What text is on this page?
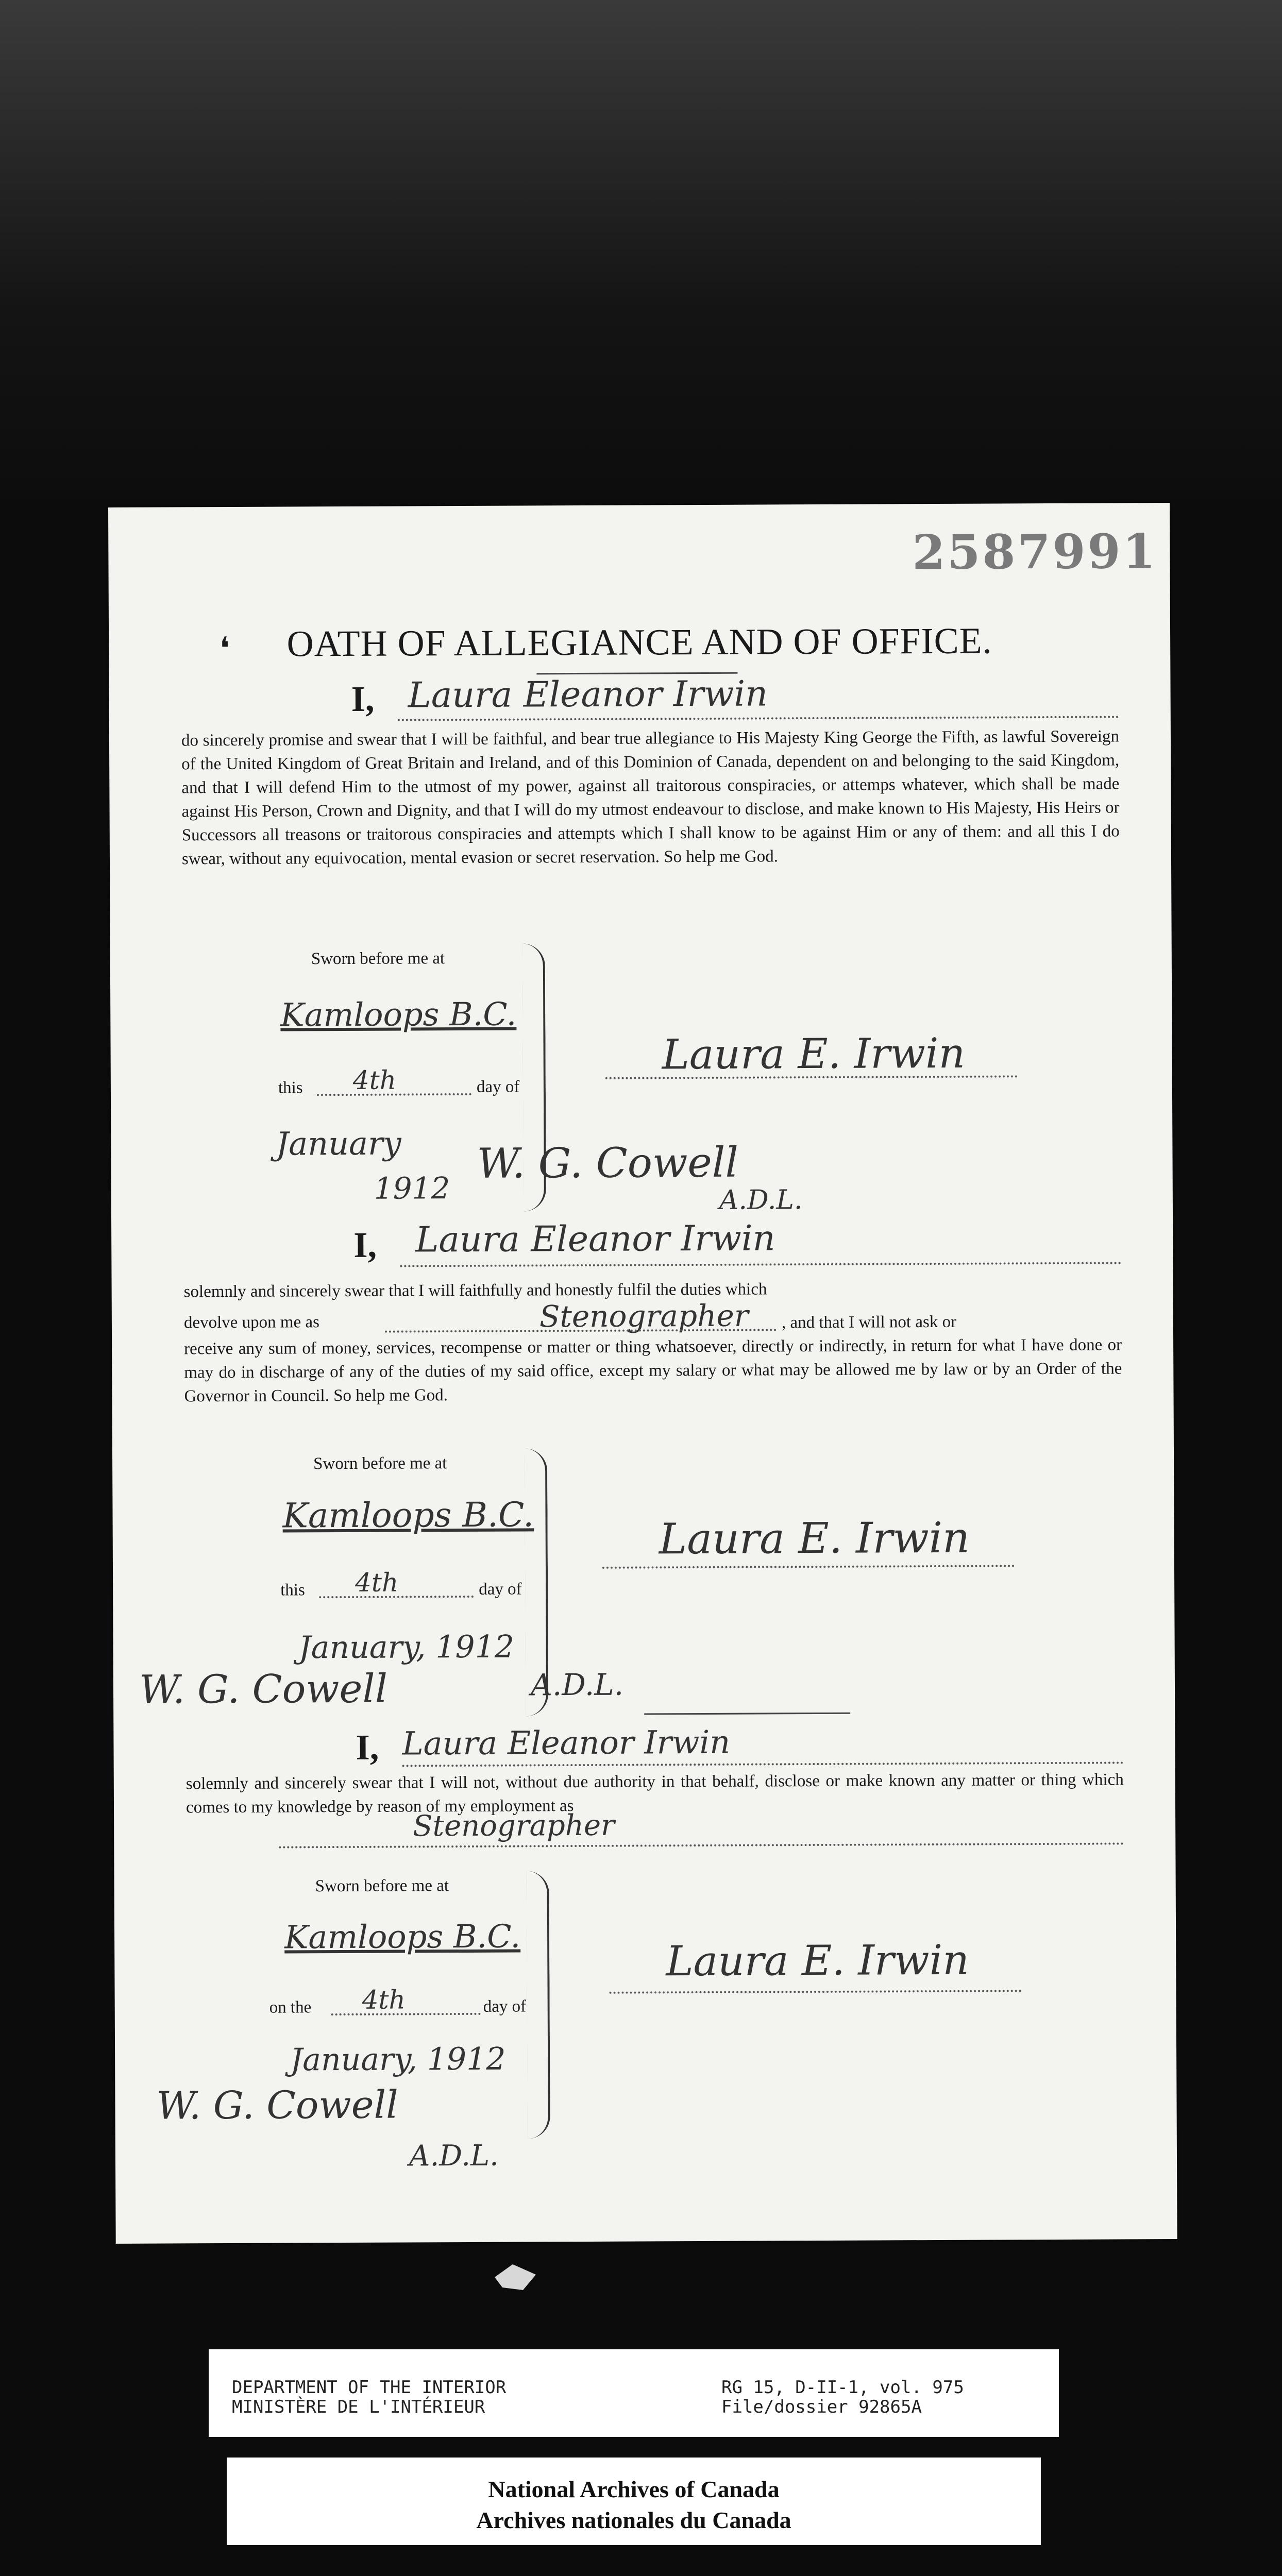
2587991
❛	OATH OF ALLEGIANCE AND OF OFFICE.
I, Laura Eleanor Irwin
do sincerely promise and swear that I will be faithful, and bear true allegiance to His Majesty King George the Fifth, as lawful Sovereign of the United Kingdom of Great Britain and Ireland, and of this Dominion of Canada, dependent on and belonging to the said Kingdom, and that I will defend Him to the utmost of my power, against all traitorous conspiracies, or attemps whatever, which shall be made against His Person, Crown and Dignity, and that I will do my utmost endeavour to disclose, and make known to His Majesty, His Heirs or Successors all treasons or traitorous conspiracies and attempts which I shall know to be against Him or any of them: and all this I do swear, without any equivocation, mental evasion or secret reservation. So help me God.
Sworn before me at
Kamloops B.C.
this 4th	day of
January
1912
Laura E. Irwin
W. G. Cowell
A.D.L.
I, Laura Eleanor Irwin
solemnly and sincerely swear that I will faithfully and honestly fulfil the duties which
devolve upon me as	Stenographer , and that I will not ask or
receive any sum of money, services, recompense or matter or thing whatsoever, directly or indirectly, in return for what I have done or may do in discharge of any of the duties of my said office, except my salary or what may be allowed me by law or by an Order of the Governor in Council. So help me God.
Sworn before me at
Kamloops B.C.
this 4th	day of
January, 1912
Laura E. Irwin
W. G. Cowell	A.D.L.
I, Laura Eleanor Irwin
solemnly and sincerely swear that I will not, without due authority in that behalf, disclose or make known any matter or thing which comes to my knowledge by reason of my employment as
Stenographer
Sworn before me at
Kamloops B.C.
on the 4th	day of
January, 1912
Laura E. Irwin
W. G. Cowell
A.D.L.
DEPARTMENT OF THE INTERIOR
MINISTÈRE DE L'INTÉRIEUR
RG 15, D-II-1, vol. 975
File/dossier 92865A
National Archives of Canada
Archives nationales du Canada
